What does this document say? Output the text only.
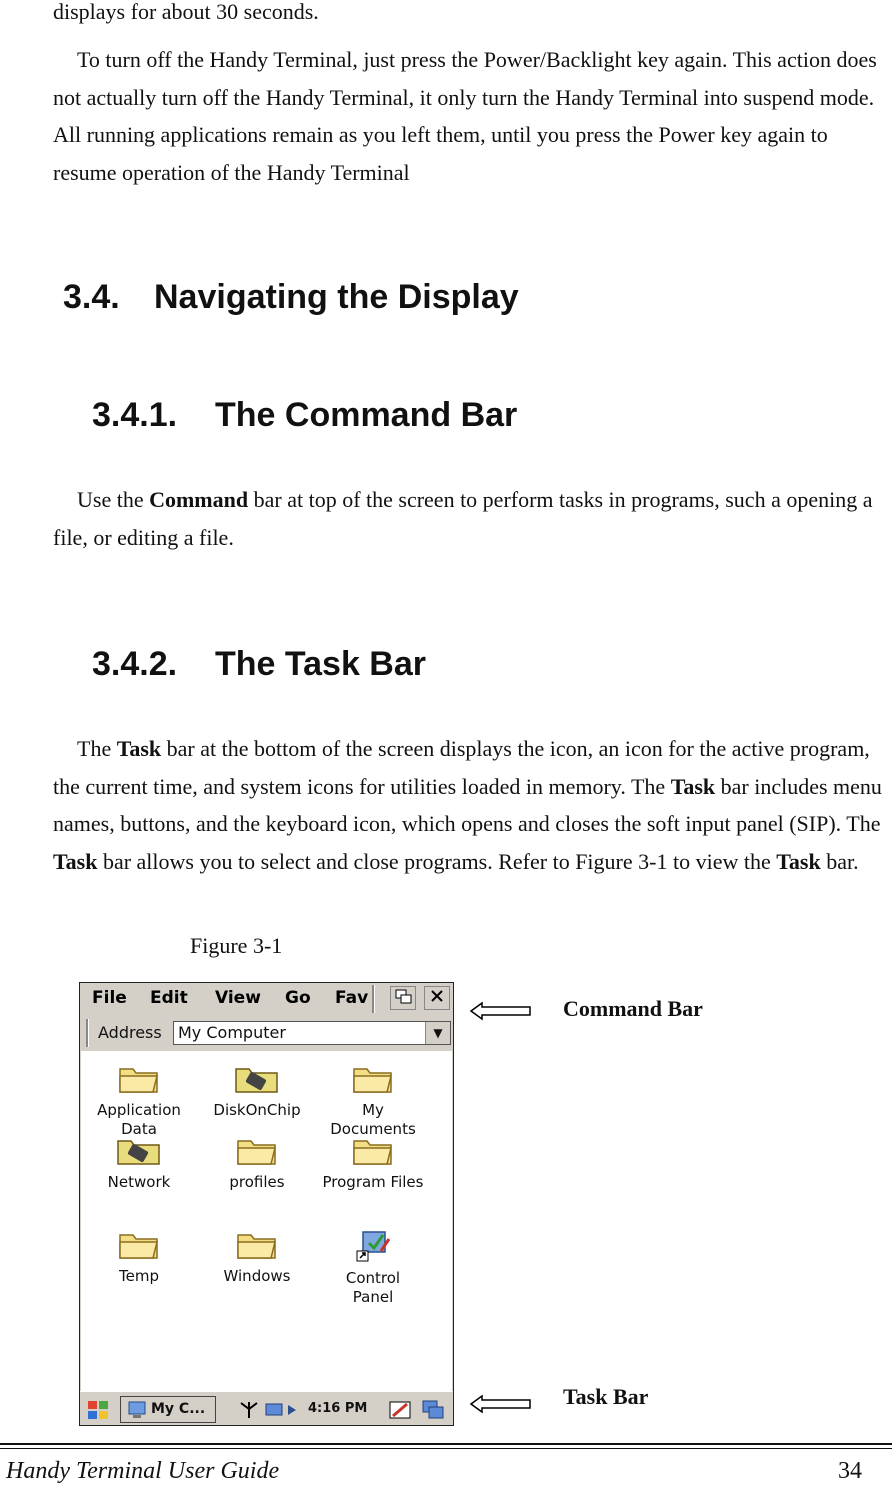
displays for about 30 seconds.

To turn off the Handy Terminal, just press the Power/Backlight key again. This action does not actually turn off the Handy Terminal, it only turn the Handy Terminal into suspend mode. All running applications remain as you left them, until you press the Power key again to resume operation of the Handy Terminal

3.4. Navigating the Display
3.4.1. The Command Bar

Use the Command bar at top of the screen to perform tasks in programs, such a opening a file, or editing a file.

3.4.2. The Task Bar

The Task bar at the bottom of the screen displays the icon, an icon for the active program, the current time, and system icons for utilities loaded in memory. The Task bar includes menu names, buttons, and the keyboard icon, which opens and closes the soft input panel (SIP). The Task bar allows you to select and close programs. Refer to Figure 3-1 to view the Task bar.

Figure 3-1
File Edit View Go Fav
Address	My Computer	▼
Application
Data
DiskOnChip	My
Documents
Network	profiles	Program Files
Temp	Windows	Control
Panel
My C...	4:16 PM
Command Bar
Task Bar
Handy Terminal User Guide	34
